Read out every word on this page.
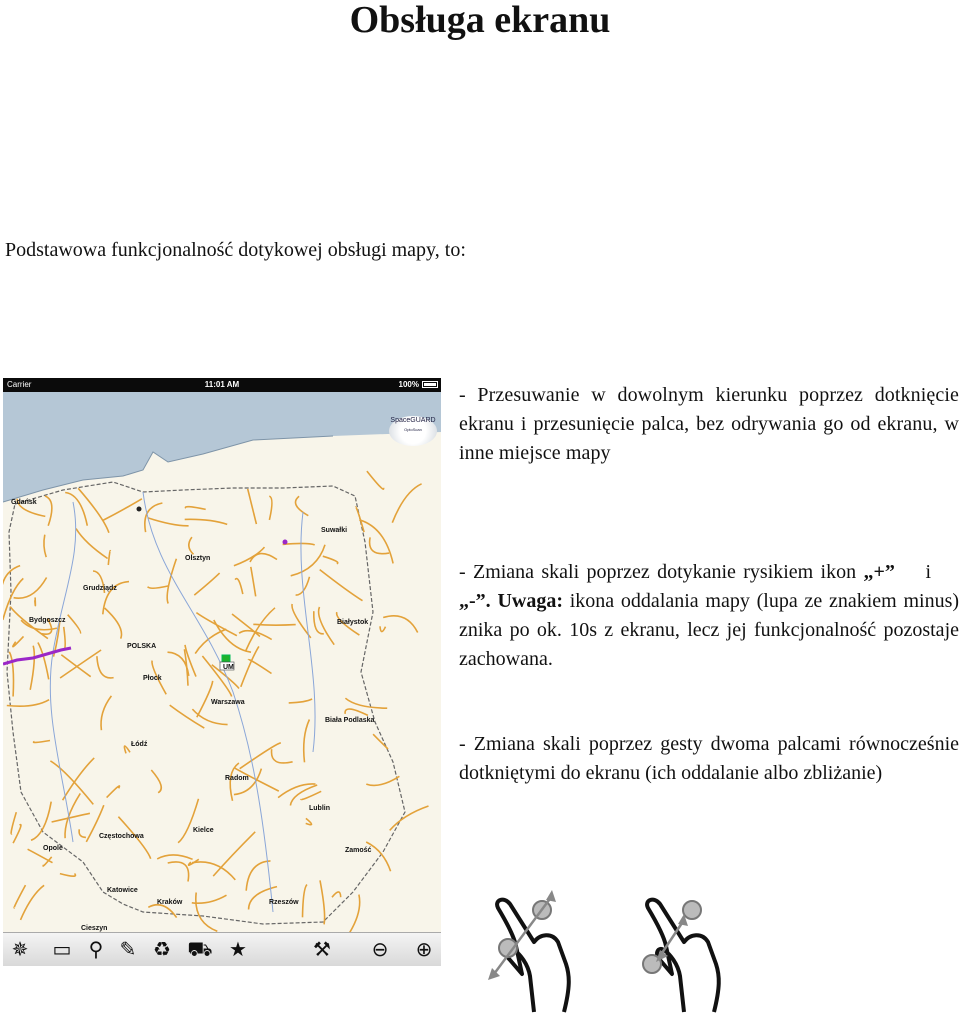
Obsługa ekranu
Podstawowa funkcjonalność dotykowej obsługi mapy, to:
- Przesuwanie w dowolnym kierunku poprzez dotknięcie ekranu i przesunięcie palca, bez odrywania go od ekranu, w inne miejsce mapy
- Zmiana skali poprzez dotykanie rysikiem ikon „+” i„-”. Uwaga: ikona oddalania mapy (lupa ze znakiem minus) znika po ok. 10s z ekranu, lecz jej funkcjonalność pozostaje zachowana.
- Zmiana skali poprzez gesty dwoma palcami równocześnie dotkniętymi do ekranu (ich oddalanie albo zbliżanie)
Carrier	11:01 AM	100%
Gdańsk
Suwałki
Olsztyn
Grudziądz
Bydgoszcz	Białystok
POLSKA
Płock
Warszawa
Biała Podlaska
Łódź
Radom
Lublin
Kielce
Częstochowa
Opole	Zamość
Katowice
Kraków	Rzeszów
Cieszyn
UM
SpaceGUARD
OptoScan
✵ ▭ ⚲ ✎ ♻ ⛟ ★	⚒ ⊖ ⊕
